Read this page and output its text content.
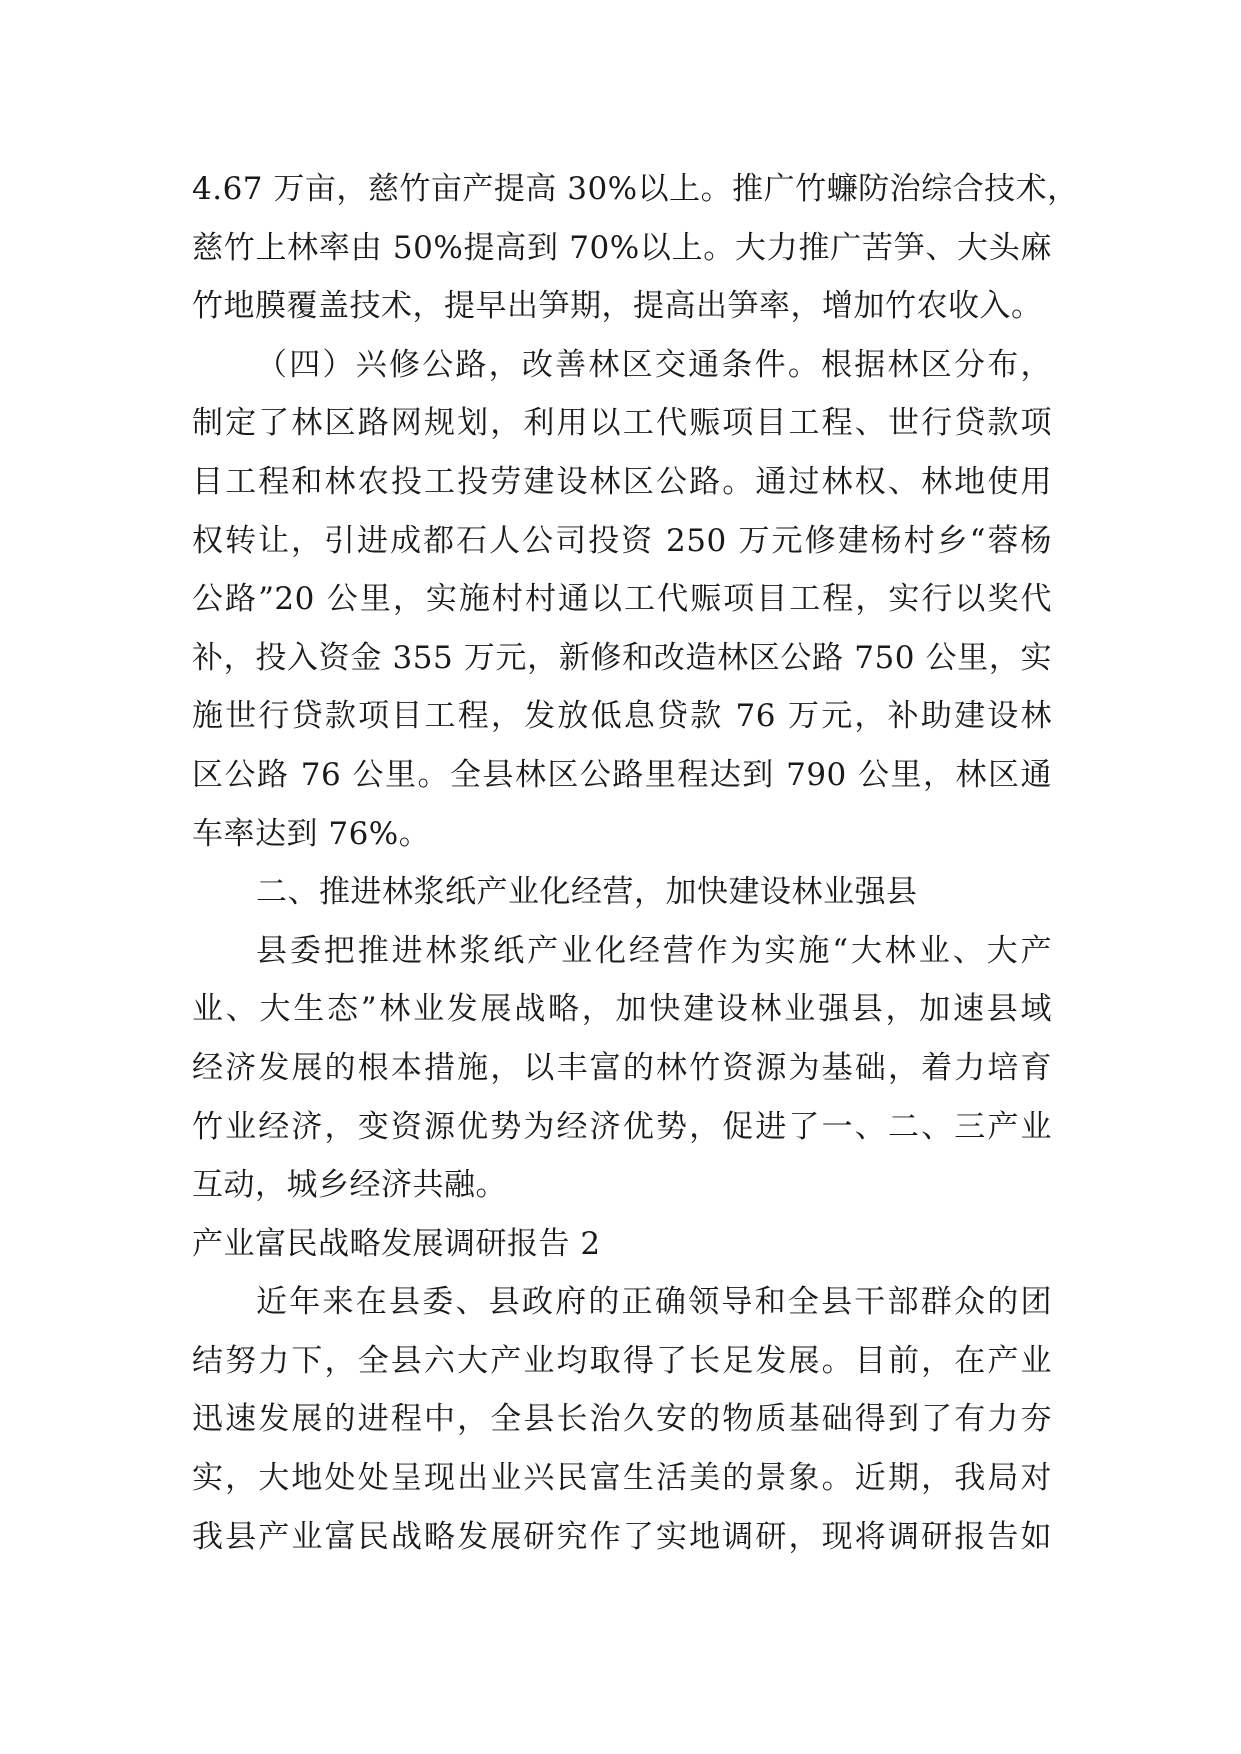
4.67 万亩，慈竹亩产提高 30%以上。推广竹蠊防治综合技术，
慈竹上林率由 50%提高到 70%以上。大力推广苦笋、大头麻
竹地膜覆盖技术，提早出笋期，提高出笋率，增加竹农收入。
（四）兴修公路，改善林区交通条件。根据林区分布，
制定了林区路网规划，利用以工代赈项目工程、世行贷款项
目工程和林农投工投劳建设林区公路。通过林权、林地使用
权转让，引进成都石人公司投资 250 万元修建杨村乡“蓉杨
公路”20 公里，实施村村通以工代赈项目工程，实行以奖代
补，投入资金 355 万元，新修和改造林区公路 750 公里，实
施世行贷款项目工程，发放低息贷款 76 万元，补助建设林
区公路 76 公里。全县林区公路里程达到 790 公里，林区通
车率达到 76%。
二、推进林浆纸产业化经营，加快建设林业强县
县委把推进林浆纸产业化经营作为实施“大林业、大产
业、大生态”林业发展战略，加快建设林业强县，加速县域
经济发展的根本措施，以丰富的林竹资源为基础，着力培育
竹业经济，变资源优势为经济优势，促进了一、二、三产业
互动，城乡经济共融。
产业富民战略发展调研报告 2
近年来在县委、县政府的正确领导和全县干部群众的团
结努力下，全县六大产业均取得了长足发展。目前，在产业
迅速发展的进程中，全县长治久安的物质基础得到了有力夯
实，大地处处呈现出业兴民富生活美的景象。近期，我局对
我县产业富民战略发展研究作了实地调研，现将调研报告如
